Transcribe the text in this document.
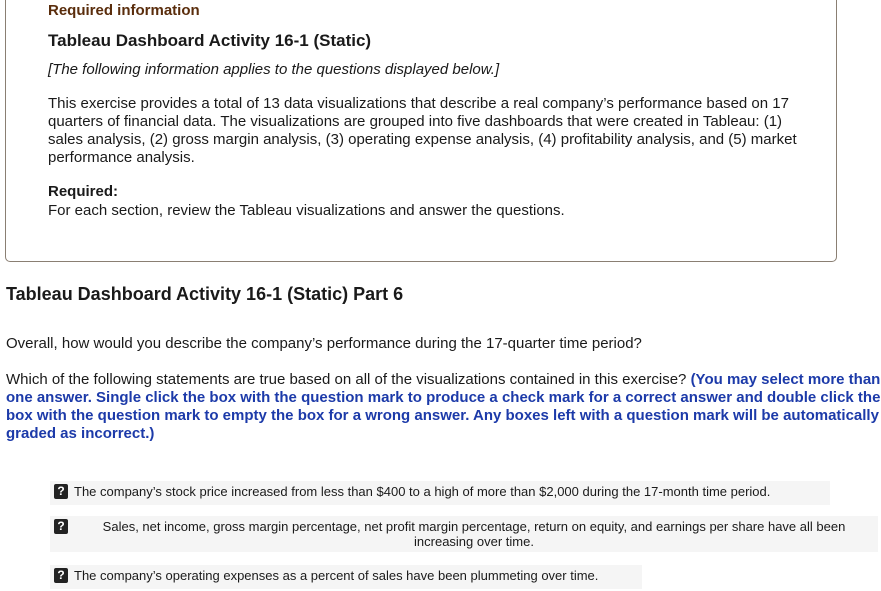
Required information
Tableau Dashboard Activity 16-1 (Static)
[The following information applies to the questions displayed below.]
This exercise provides a total of 13 data visualizations that describe a real company’s performance based on 17 quarters of financial data. The visualizations are grouped into five dashboards that were created in Tableau: (1) sales analysis, (2) gross margin analysis, (3) operating expense analysis, (4) profitability analysis, and (5) market performance analysis.
Required:
For each section, review the Tableau visualizations and answer the questions.
Tableau Dashboard Activity 16-1 (Static) Part 6
Overall, how would you describe the company’s performance during the 17-quarter time period?
Which of the following statements are true based on all of the visualizations contained in this exercise? (You may select more than one answer. Single click the box with the question mark to produce a check mark for a correct answer and double click the box with the question mark to empty the box for a wrong answer. Any boxes left with a question mark will be automatically graded as incorrect.)
? The company’s stock price increased from less than $400 to a high of more than $2,000 during the 17-month time period.
?	Sales, net income, gross margin percentage, net profit margin percentage, return on equity, and earnings per share have all been increasing over time.
? The company’s operating expenses as a percent of sales have been plummeting over time.
